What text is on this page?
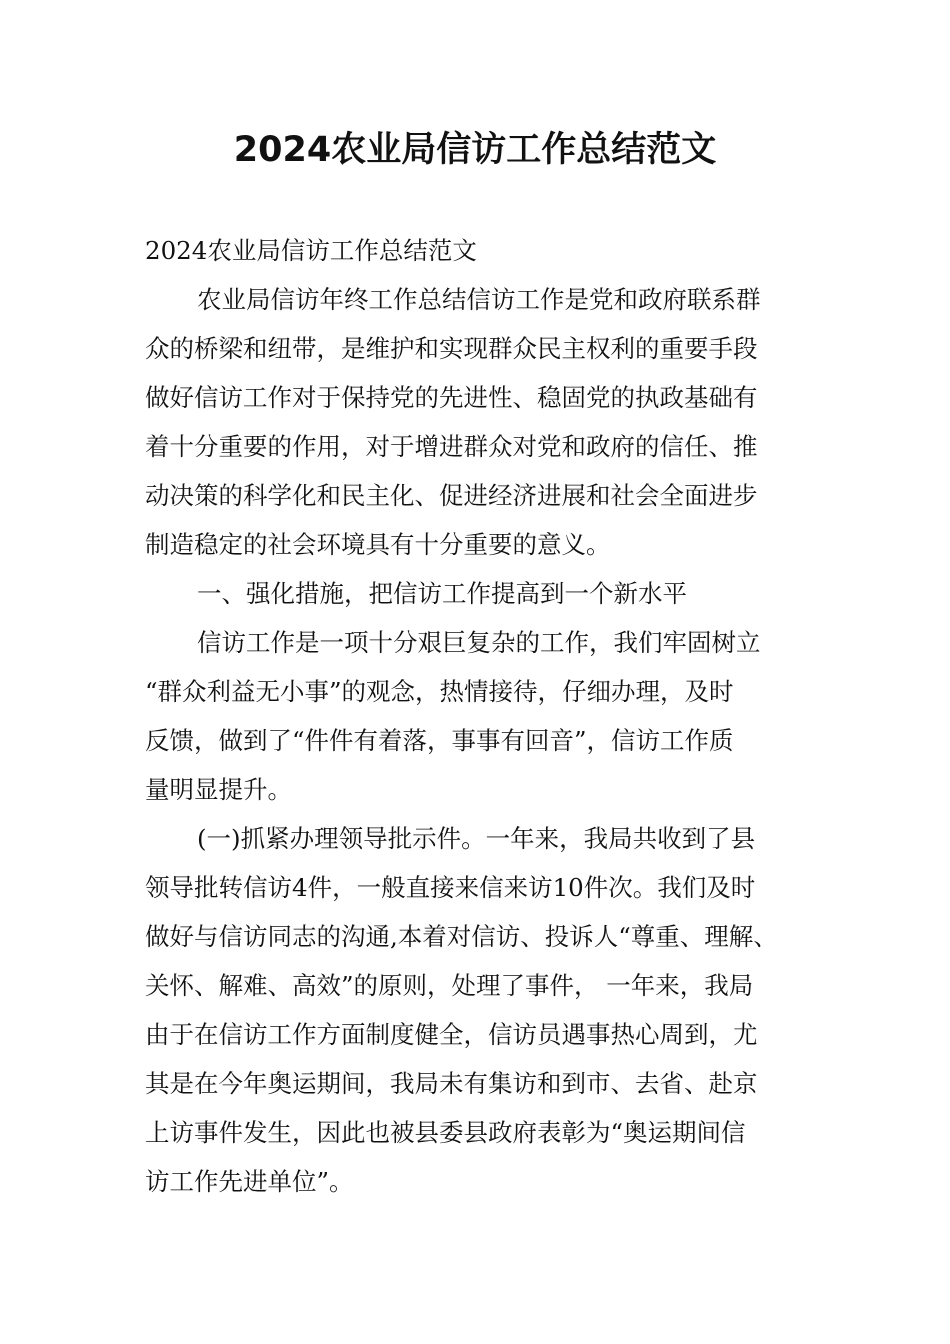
2024农业局信访工作总结范文
2024农业局信访工作总结范文
农业局信访年终工作总结信访工作是党和政府联系群
众的桥梁和纽带，是维护和实现群众民主权利的重要手段
做好信访工作对于保持党的先进性、稳固党的执政基础有
着十分重要的作用，对于增进群众对党和政府的信任、推
动决策的科学化和民主化、促进经济进展和社会全面进步
制造稳定的社会环境具有十分重要的意义。
一、强化措施，把信访工作提高到一个新水平
信访工作是一项十分艰巨复杂的工作，我们牢固树立
“群众利益无小事”的观念，热情接待，仔细办理，及时
反馈，做到了“件件有着落，事事有回音”，信访工作质
量明显提升。
(一)抓紧办理领导批示件。一年来，我局共收到了县
领导批转信访4件，一般直接来信来访10件次。我们及时
做好与信访同志的沟通,本着对信访、投诉人“尊重、理解、
关怀、解难、高效”的原则，处理了事件， 一年来，我局
由于在信访工作方面制度健全，信访员遇事热心周到，尤
其是在今年奥运期间，我局未有集访和到市、去省、赴京
上访事件发生，因此也被县委县政府表彰为“奥运期间信
访工作先进单位”。
